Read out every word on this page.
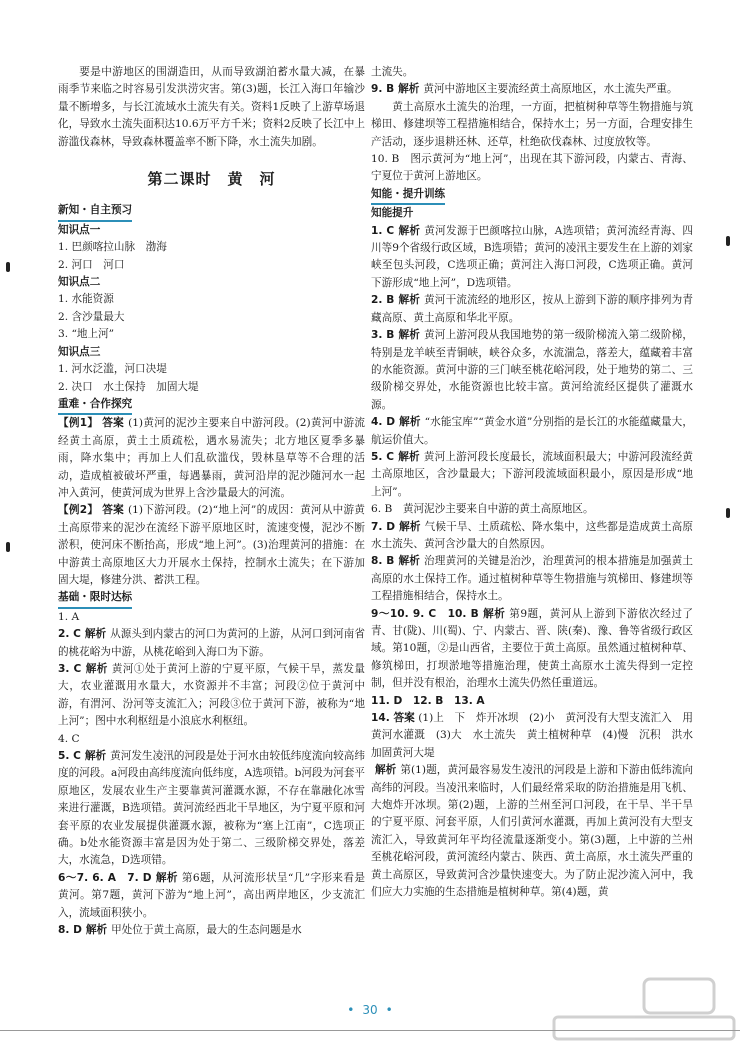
要是中游地区的围湖造田，从而导致湖泊蓄水量大减，在暴雨季节来临之时容易引发洪涝灾害。第(3)题，长江入海口年输沙量不断增多，与长江流域水土流失有关。资料1反映了上游草场退化，导致水土流失面积达10.6万平方千米；资料2反映了长江中上游滥伐森林，导致森林覆盖率不断下降，水土流失加剧。

第二课时　黄　河
新知・自主预习
知识点一

1. 巴颜喀拉山脉　渤海

2. 河口　河口

知识点二

1. 水能资源

2. 含沙量最大

3. “地上河”

知识点三

1. 河水泛滥，河口决堤

2. 决口　水土保持　加固大堤

重难・合作探究

【例1】 答案 (1)黄河的泥沙主要来自中游河段。(2)黄河中游流经黄土高原，黄土土质疏松，遇水易流失；北方地区夏季多暴雨，降水集中；再加上人们乱砍滥伐，毁林垦草等不合理的活动，造成植被破坏严重，每遇暴雨，黄河沿岸的泥沙随河水一起冲入黄河，使黄河成为世界上含沙量最大的河流。

【例2】 答案 (1)下游河段。(2)“地上河”的成因：黄河从中游黄土高原带来的泥沙在流经下游平原地区时，流速变慢，泥沙不断淤积，使河床不断抬高，形成“地上河”。(3)治理黄河的措施：在中游黄土高原地区大力开展水土保持，控制水土流失；在下游加固大堤，修建分洪、蓄洪工程。

基础・限时达标

1. A

2. C 解析 从源头到内蒙古的河口为黄河的上游，从河口到河南省的桃花峪为中游，从桃花峪到入海口为下游。

3. C 解析 黄河①处于黄河上游的宁夏平原，气候干旱，蒸发量大，农业灌溉用水量大，水资源并不丰富；河段②位于黄河中游，有渭河、汾河等支流汇入；河段③位于黄河下游，被称为“地上河”；图中水利枢纽是小浪底水利枢纽。

4. C

5. C 解析 黄河发生凌汛的河段是处于河水由较低纬度流向较高纬度的河段。a河段由高纬度流向低纬度，A选项错。b河段为河套平原地区，发展农业生产主要靠黄河灌溉水源，不存在靠融化冰雪来进行灌溉，B选项错。黄河流经西北干旱地区，为宁夏平原和河套平原的农业发展提供灌溉水源，被称为“塞上江南”，C选项正确。b处水能资源丰富是因为处于第二、三级阶梯交界处，落差大，水流急，D选项错。

6～7. 6. A　7. D 解析 第6题，从河流形状呈“几”字形来看是黄河。第7题，黄河下游为“地上河”，高出两岸地区，少支流汇入，流域面积狭小。

8. D 解析 甲处位于黄土高原，最大的生态问题是水

土流失。

9. B 解析 黄河中游地区主要流经黄土高原地区，水土流失严重。

黄土高原水土流失的治理，一方面，把植树种草等生物措施与筑梯田、修建坝等工程措施相结合，保持水土；另一方面，合理安排生产活动，逐步退耕还林、还草，杜绝砍伐森林、过度放牧等。

10. B　图示黄河为“地上河”，出现在其下游河段，内蒙古、青海、宁夏位于黄河上游地区。

知能・提升训练
知能提升

1. C 解析 黄河发源于巴颜喀拉山脉，A选项错；黄河流经青海、四川等9个省级行政区域，B选项错；黄河的凌汛主要发生在上游的刘家峡至包头河段，C选项正确；黄河注入海口河段，C选项正确。黄河下游形成“地上河”，D选项错。

2. B 解析 黄河干流流经的地形区，按从上游到下游的顺序排列为青藏高原、黄土高原和华北平原。

3. B 解析 黄河上游河段从我国地势的第一级阶梯流入第二级阶梯，特别是龙羊峡至青铜峡，峡谷众多，水流湍急，落差大，蕴藏着丰富的水能资源。黄河中游的三门峡至桃花峪河段，处于地势的第二、三级阶梯交界处，水能资源也比较丰富。黄河给流经区提供了灌溉水源。

4. D 解析 “水能宝库”“黄金水道”分别指的是长江的水能蕴藏量大，航运价值大。

5. C 解析 黄河上游河段长度最长，流域面积最大；中游河段流经黄土高原地区，含沙量最大；下游河段流域面积最小，原因是形成“地上河”。

6. B　黄河泥沙主要来自中游的黄土高原地区。

7. D 解析 气候干旱、土质疏松、降水集中，这些都是造成黄土高原水土流失、黄河含沙量大的自然原因。

8. B 解析 治理黄河的关键是治沙，治理黄河的根本措施是加强黄土高原的水土保持工作。通过植树种草等生物措施与筑梯田、修建坝等工程措施相结合，保持水土。

9～10. 9. C　10. B 解析 第9题，黄河从上游到下游依次经过了青、甘(陇)、川(蜀)、宁、内蒙古、晋、陕(秦)、豫、鲁等省级行政区域。第10题，②是山西省，主要位于黄土高原。虽然通过植树种草、修筑梯田，打坝淤地等措施治理，使黄土高原水土流失得到一定控制，但并没有根治，治理水土流失仍然任重道远。

11. D　12. B　13. A

14. 答案 (1)上　下　炸开冰坝　(2)小　黄河没有大型支流汇入　用黄河水灌溉　(3)大　水土流失　黄土植树种草　(4)慢　沉积　洪水　加固黄河大堤

解析 第(1)题，黄河最容易发生凌汛的河段是上游和下游由低纬流向高纬的河段。当凌汛来临时，人们最经常采取的防治措施是用飞机、大炮炸开冰坝。第(2)题，上游的兰州至河口河段，在干旱、半干旱的宁夏平原、河套平原，人们引黄河水灌溉，再加上黄河没有大型支流汇入，导致黄河年平均径流量逐渐变小。第(3)题，上中游的兰州至桃花峪河段，黄河流经内蒙古、陕西、黄土高原，水土流失严重的黄土高原区，导致黄河含沙量快速变大。为了防止泥沙流入河中，我们应大力实施的生态措施是植树种草。第(4)题，黄

• 30 •
